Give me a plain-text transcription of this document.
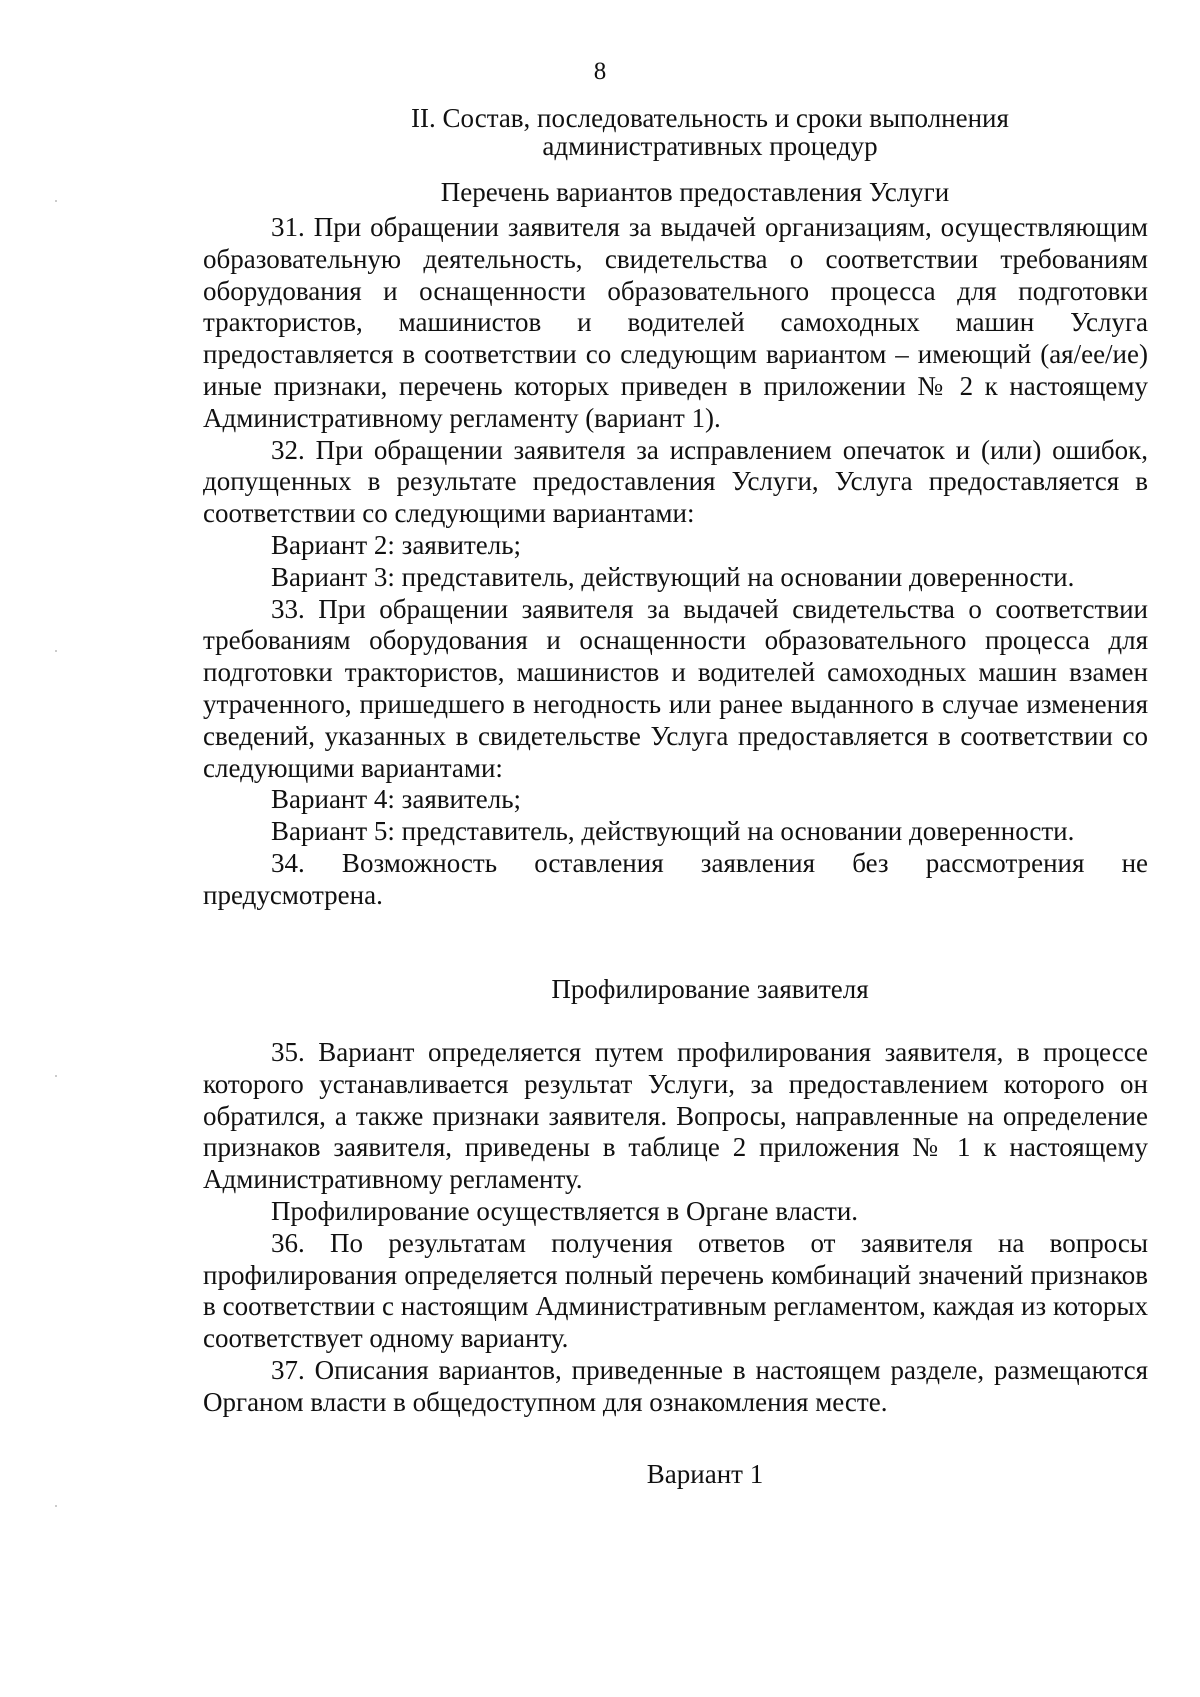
8
II. Состав, последовательность и сроки выполнения
административных процедур
Перечень вариантов предоставления Услуги

31. При обращении заявителя за выдачей организациям, осуществляющим образовательную деятельность, свидетельства о соответствии требованиям оборудования и оснащенности образовательного процесса для подготовки трактористов, машинистов и водителей самоходных машин Услуга предоставляется в соответствии со следующим вариантом – имеющий (ая/ее/ие) иные признаки, перечень которых приведен в приложении № 2 к настоящему Административному регламенту (вариант 1).

32. При обращении заявителя за исправлением опечаток и (или) ошибок, допущенных в результате предоставления Услуги, Услуга предоставляется в соответствии со следующими вариантами:

Вариант 2: заявитель;

Вариант 3: представитель, действующий на основании доверенности.

33. При обращении заявителя за выдачей свидетельства о соответствии требованиям оборудования и оснащенности образовательного процесса для подготовки трактористов, машинистов и водителей самоходных машин взамен утраченного, пришедшего в негодность или ранее выданного в случае изменения сведений, указанных в свидетельстве Услуга предоставляется в соответствии со следующими вариантами:

Вариант 4: заявитель;

Вариант 5: представитель, действующий на основании доверенности.

34. Возможность оставления заявления без рассмотрения не предусмотрена.

Профилирование заявителя

35. Вариант определяется путем профилирования заявителя, в процессе которого устанавливается результат Услуги, за предоставлением которого он обратился, а также признаки заявителя. Вопросы, направленные на определение признаков заявителя, приведены в таблице 2 приложения № 1 к настоящему Административному регламенту.

Профилирование осуществляется в Органе власти.

36. По результатам получения ответов от заявителя на вопросы профилирования определяется полный перечень комбинаций значений признаков в соответствии с настоящим Административным регламентом, каждая из которых соответствует одному варианту.

37. Описания вариантов, приведенные в настоящем разделе, размещаются Органом власти в общедоступном для ознакомления месте.

Вариант 1
